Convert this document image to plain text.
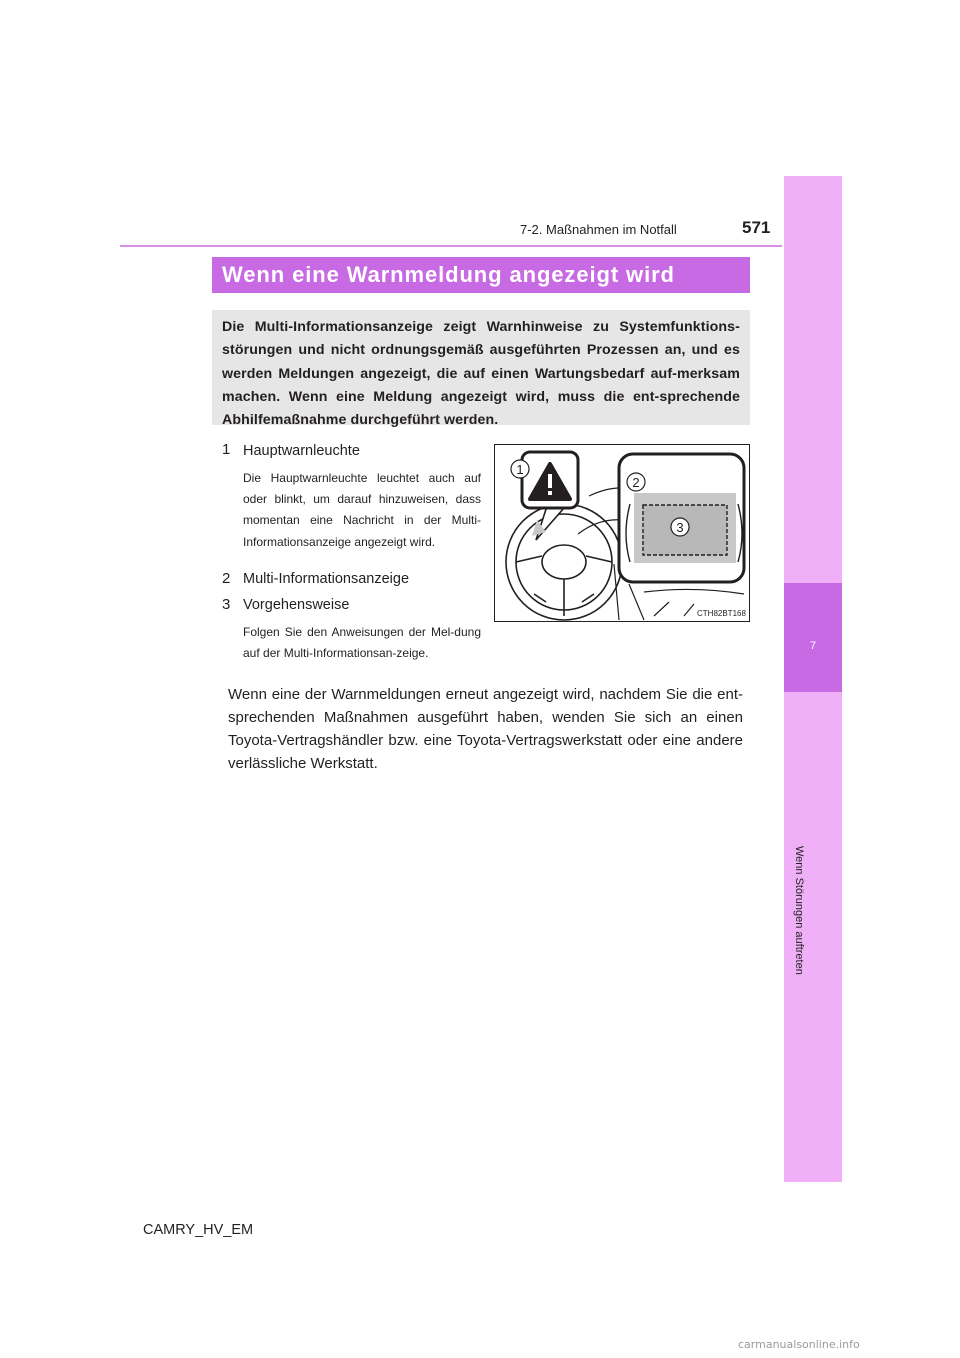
7
Wenn Störungen auftreten
7-2. Maßnahmen im Notfall	571
Wenn eine Warnmeldung angezeigt wird
Die Multi-Informationsanzeige zeigt Warnhinweise zu Systemfunktions-störungen und nicht ordnungsgemäß ausgeführten Prozessen an, und es werden Meldungen angezeigt, die auf einen Wartungsbedarf auf-merksam machen. Wenn eine Meldung angezeigt wird, muss die ent-sprechende Abhilfemaßnahme durchgeführt werden.
1 Hauptwarnleuchte
Die Hauptwarnleuchte leuchtet auch auf oder blinkt, um darauf hinzuweisen, dass momentan eine Nachricht in der Multi-Informationsanzeige angezeigt wird.
2 Multi-Informationsanzeige
3 Vorgehensweise
Folgen Sie den Anweisungen der Mel-dung auf der Multi-Informationsan-zeige.
1
2
3
CTH82BT168
Wenn eine der Warnmeldungen erneut angezeigt wird, nachdem Sie die ent-sprechenden Maßnahmen ausgeführt haben, wenden Sie sich an einen Toyota-Vertragshändler bzw. eine Toyota-Vertragswerkstatt oder eine andere verlässliche Werkstatt.
CAMRY_HV_EM
carmanualsonline.info
